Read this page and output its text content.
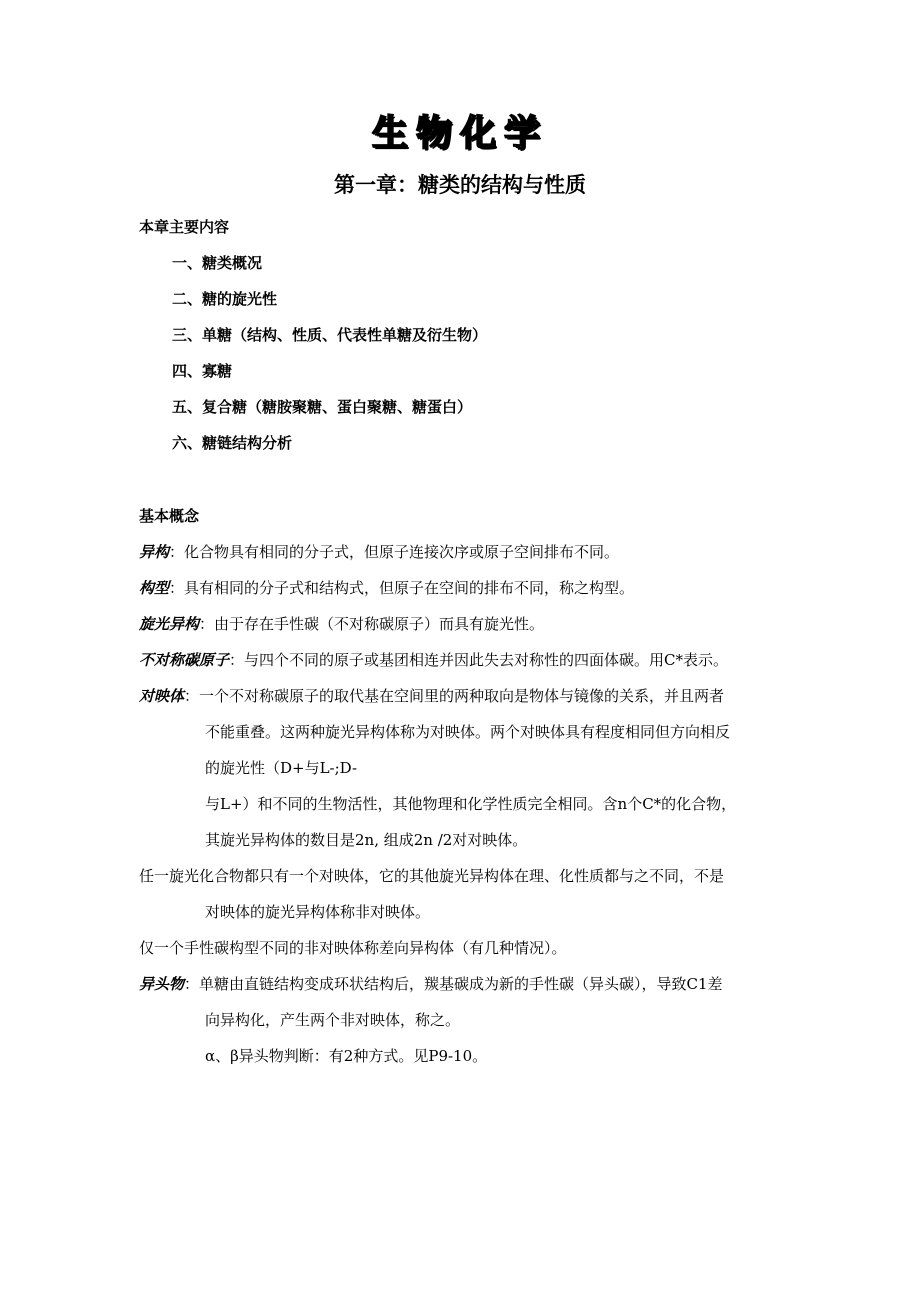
生物化学
第一章：糖类的结构与性质
本章主要内容
一、糖类概况
二、糖的旋光性
三、单糖（结构、性质、代表性单糖及衍生物）
四、寡糖
五、复合糖（糖胺聚糖、蛋白聚糖、糖蛋白）
六、糖链结构分析
基本概念
异构：化合物具有相同的分子式，但原子连接次序或原子空间排布不同。
构型：具有相同的分子式和结构式，但原子在空间的排布不同，称之构型。
旋光异构：由于存在手性碳（不对称碳原子）而具有旋光性。
不对称碳原子：与四个不同的原子或基团相连并因此失去对称性的四面体碳。用C*表示。
对映体：一个不对称碳原子的取代基在空间里的两种取向是物体与镜像的关系，并且两者
不能重叠。这两种旋光异构体称为对映体。两个对映体具有程度相同但方向相反
的旋光性（D+与L-;D-
与L+）和不同的生物活性，其他物理和化学性质完全相同。含n个C*的化合物，
其旋光异构体的数目是2n, 组成2n /2对对映体。
任一旋光化合物都只有一个对映体，它的其他旋光异构体在理、化性质都与之不同，不是
对映体的旋光异构体称非对映体。
仅一个手性碳构型不同的非对映体称差向异构体（有几种情况）。
异头物：单糖由直链结构变成环状结构后，羰基碳成为新的手性碳（异头碳），导致C1差
向异构化，产生两个非对映体，称之。
α、β异头物判断：有2种方式。见P9-10。
